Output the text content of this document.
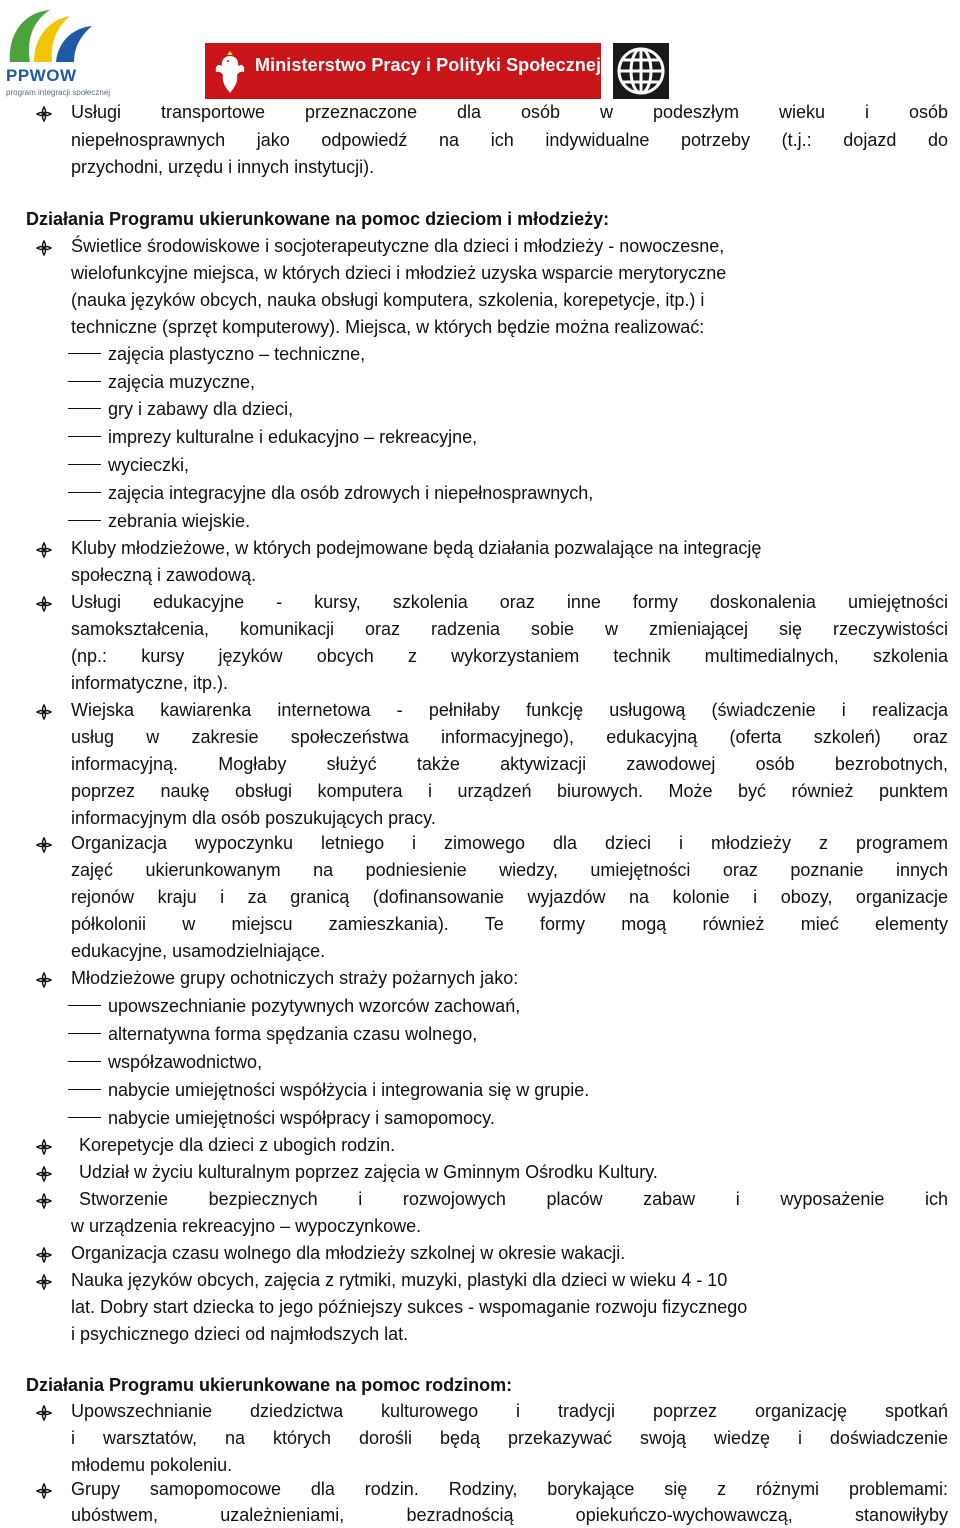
PPWOW
program integracji społecznej
Ministerstwo Pracy i Polityki Społecznej
Usługi transportowe przeznaczone dla osób w podeszłym wieku i osób
niepełnosprawnych jako odpowiedź na ich indywidualne potrzeby (t.j.: dojazd do
przychodni, urzędu i innych instytucji).
Działania Programu ukierunkowane na pomoc dzieciom i młodzieży:
Świetlice środowiskowe i socjoterapeutyczne dla dzieci i młodzieży - nowoczesne,
wielofunkcyjne miejsca, w których dzieci i młodzież uzyska wsparcie merytoryczne
(nauka języków obcych, nauka obsługi komputera, szkolenia, korepetycje, itp.) i
techniczne (sprzęt komputerowy). Miejsca, w których będzie można realizować:
zajęcia plastyczno – techniczne,
zajęcia muzyczne,
gry i zabawy dla dzieci,
imprezy kulturalne i edukacyjno – rekreacyjne,
wycieczki,
zajęcia integracyjne dla osób zdrowych i niepełnosprawnych,
zebrania wiejskie.
Kluby młodzieżowe, w których podejmowane będą działania pozwalające na integrację
społeczną i zawodową.
Usługi edukacyjne - kursy, szkolenia oraz inne formy doskonalenia umiejętności
samokształcenia, komunikacji oraz radzenia sobie w zmieniającej się rzeczywistości
(np.: kursy języków obcych z wykorzystaniem technik multimedialnych, szkolenia
informatyczne, itp.).
Wiejska kawiarenka internetowa - pełniłaby funkcję usługową (świadczenie i realizacja
usług w zakresie społeczeństwa informacyjnego), edukacyjną (oferta szkoleń) oraz
informacyjną. Mogłaby służyć także aktywizacji zawodowej osób bezrobotnych,
poprzez naukę obsługi komputera i urządzeń biurowych. Może być również punktem
informacyjnym dla osób poszukujących pracy.
Organizacja wypoczynku letniego i zimowego dla dzieci i młodzieży z programem
zajęć ukierunkowanym na podniesienie wiedzy, umiejętności oraz poznanie innych
rejonów kraju i za granicą (dofinansowanie wyjazdów na kolonie i obozy, organizacje
półkolonii w miejscu zamieszkania). Te formy mogą również mieć elementy
edukacyjne, usamodzielniające.
Młodzieżowe grupy ochotniczych straży pożarnych jako:
upowszechnianie pozytywnych wzorców zachowań,
alternatywna forma spędzania czasu wolnego,
współzawodnictwo,
nabycie umiejętności współżycia i integrowania się w grupie.
nabycie umiejętności współpracy i samopomocy.
Korepetycje dla dzieci z ubogich rodzin.
Udział w życiu kulturalnym poprzez zajęcia w Gminnym Ośrodku Kultury.
Stworzenie bezpiecznych i rozwojowych placów zabaw i wyposażenie ich
w urządzenia rekreacyjno – wypoczynkowe.
Organizacja czasu wolnego dla młodzieży szkolnej w okresie wakacji.
Nauka języków obcych, zajęcia z rytmiki, muzyki, plastyki dla dzieci w wieku 4 - 10
lat. Dobry start dziecka to jego późniejszy sukces - wspomaganie rozwoju fizycznego
i psychicznego dzieci od najmłodszych lat.
Działania Programu ukierunkowane na pomoc rodzinom:
Upowszechnianie dziedzictwa kulturowego i tradycji poprzez organizację spotkań
i warsztatów, na których dorośli będą przekazywać swoją wiedzę i doświadczenie
młodemu pokoleniu.
Grupy samopomocowe dla rodzin. Rodziny, borykające się z różnymi problemami:
ubóstwem, uzależnieniami, bezradnością opiekuńczo-wychowawczą, stanowiłyby
